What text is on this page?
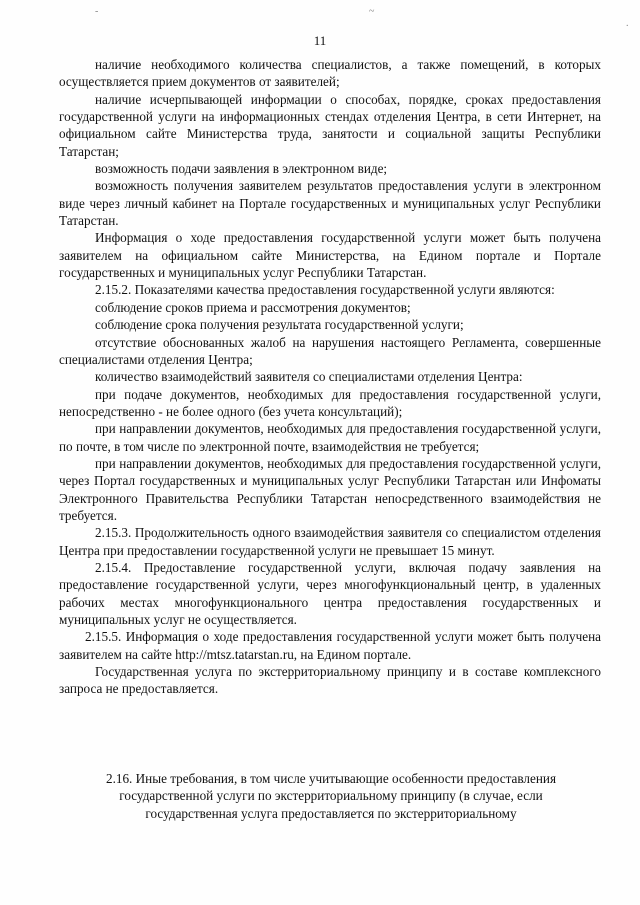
-	~
.
11

наличие необходимого количества специалистов, а также помещений, в которых осуществляется прием документов от заявителей;

наличие исчерпывающей информации о способах, порядке, сроках предоставления государственной услуги на информационных стендах отделения Центра, в сети Интернет, на официальном сайте Министерства труда, занятости и социальной защиты Республики Татарстан;

возможность подачи заявления в электронном виде;

возможность получения заявителем результатов предоставления услуги в электронном виде через личный кабинет на Портале государственных и муниципальных услуг Республики Татарстан.

Информация о ходе предоставления государственной услуги может быть получена заявителем на официальном сайте Министерства, на Едином портале и Портале государственных и муниципальных услуг Республики Татарстан.

2.15.2. Показателями качества предоставления государственной услуги являются:

соблюдение сроков приема и рассмотрения документов;

соблюдение срока получения результата государственной услуги;

отсутствие обоснованных жалоб на нарушения настоящего Регламента, совершенные специалистами отделения Центра;

количество взаимодействий заявителя со специалистами отделения Центра:

при подаче документов, необходимых для предоставления государственной услуги, непосредственно - не более одного (без учета консультаций);

при направлении документов, необходимых для предоставления государственной услуги, по почте, в том числе по электронной почте, взаимодействия не требуется;

при направлении документов, необходимых для предоставления государственной услуги, через Портал государственных и муниципальных услуг Республики Татарстан или Инфоматы Электронного Правительства Республики Татарстан непосредственного взаимодействия не требуется.

2.15.3. Продолжительность одного взаимодействия заявителя со специалистом отделения Центра при предоставлении государственной услуги не превышает 15 минут.

2.15.4. Предоставление государственной услуги, включая подачу заявления на предоставление государственной услуги, через многофункциональный центр, в удаленных рабочих местах многофункционального центра предоставления государственных и муниципальных услуг не осуществляется.

2.15.5. Информация о ходе предоставления государственной услуги может быть получена заявителем на сайте http://mtsz.tatarstan.ru, на Едином портале.

Государственная услуга по экстерриториальному принципу и в составе комплексного запроса не предоставляется.

2.16. Иные требования, в том числе учитывающие особенности предоставления государственной услуги по экстерриториальному принципу (в случае, если государственная услуга предоставляется по экстерриториальному
